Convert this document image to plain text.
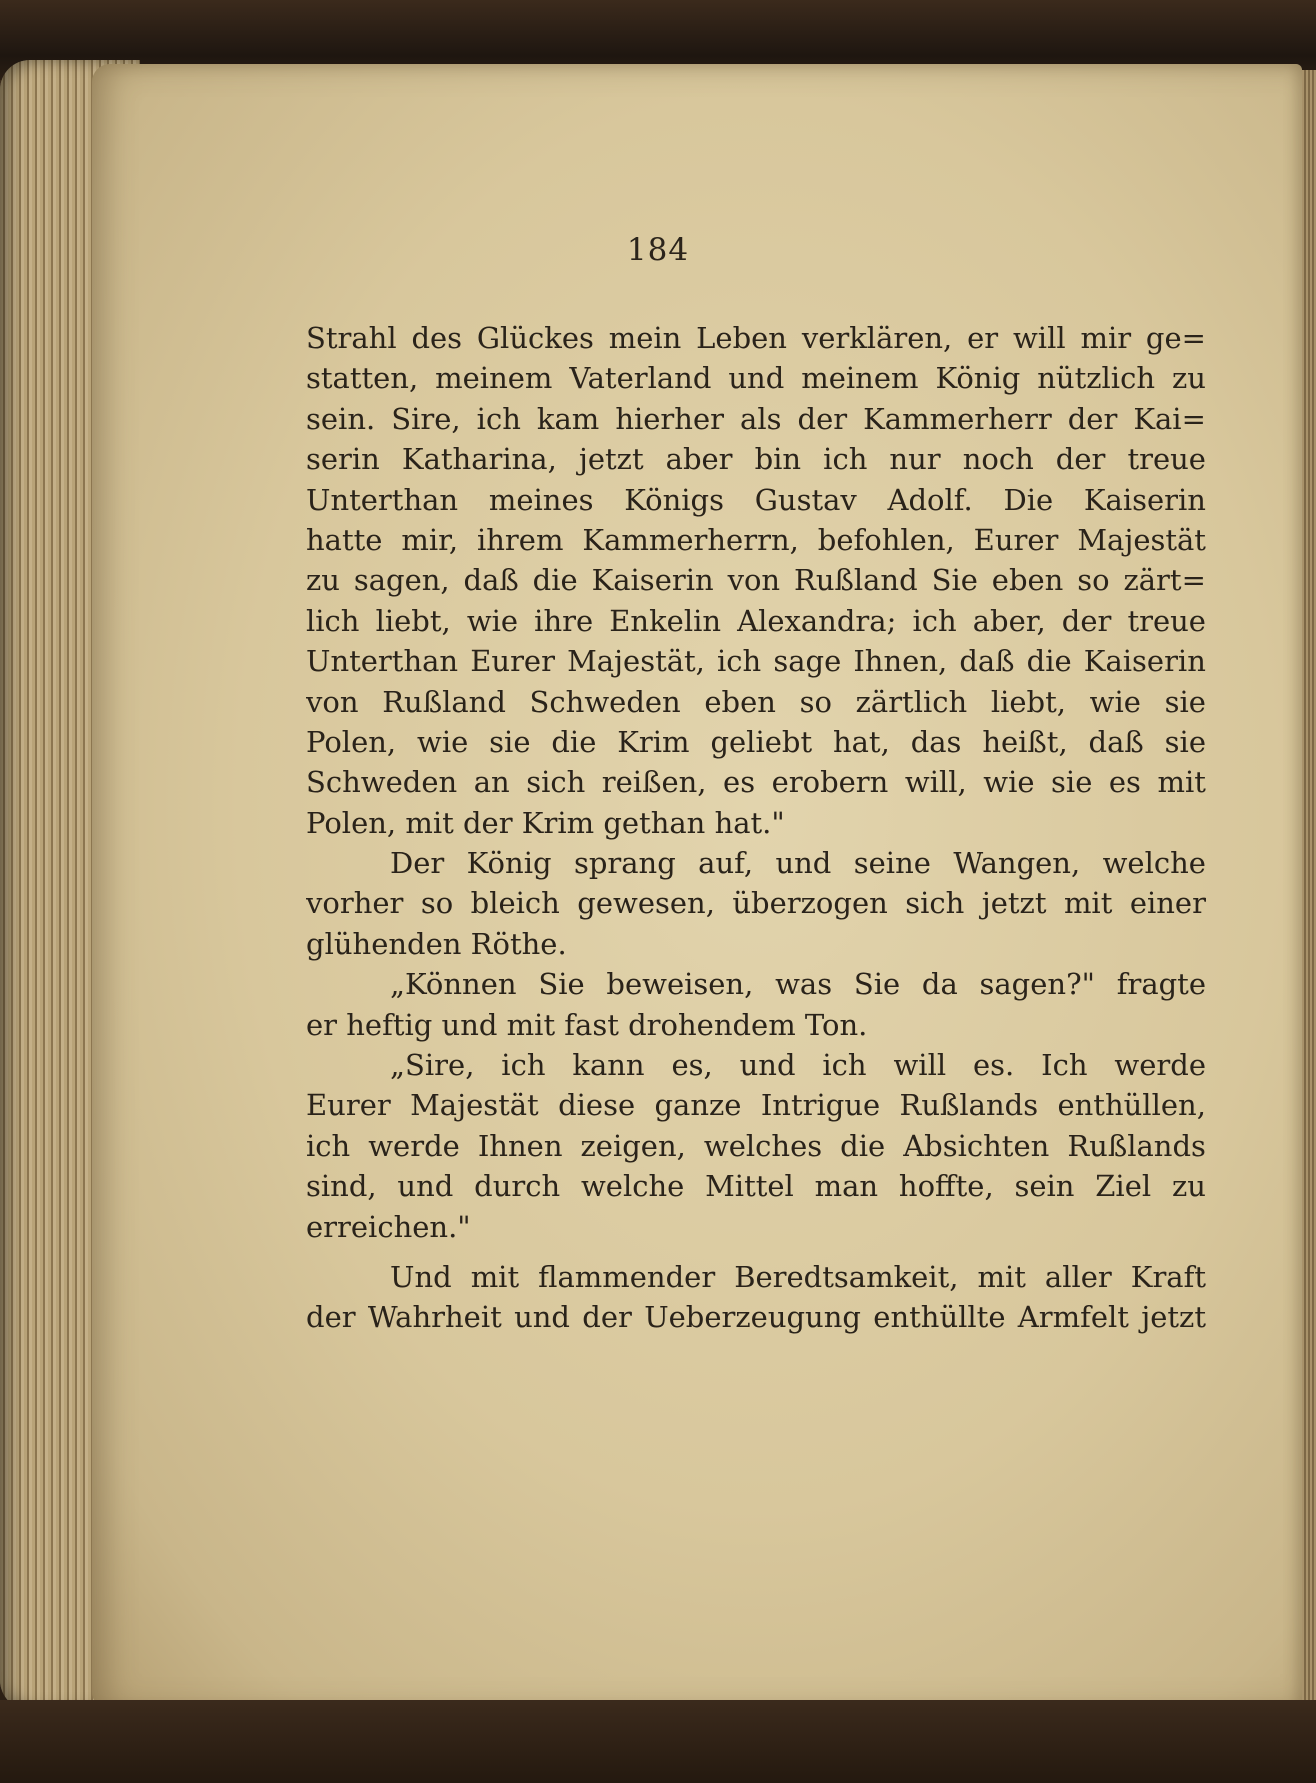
184
Strahl des Glückes mein Leben verklären, er will mir ge=
statten, meinem Vaterland und meinem König nützlich zu
sein. Sire, ich kam hierher als der Kammerherr der Kai=
serin Katharina, jetzt aber bin ich nur noch der treue
Unterthan meines Königs Gustav Adolf. Die Kaiserin
hatte mir, ihrem Kammerherrn, befohlen, Eurer Majestät
zu sagen, daß die Kaiserin von Rußland Sie eben so zärt=
lich liebt, wie ihre Enkelin Alexandra; ich aber, der treue
Unterthan Eurer Majestät, ich sage Ihnen, daß die Kaiserin
von Rußland Schweden eben so zärtlich liebt, wie sie
Polen, wie sie die Krim geliebt hat, das heißt, daß sie
Schweden an sich reißen, es erobern will, wie sie es mit
Polen, mit der Krim gethan hat."
Der König sprang auf, und seine Wangen, welche
vorher so bleich gewesen, überzogen sich jetzt mit einer
glühenden Röthe.
„Können Sie beweisen, was Sie da sagen?" fragte
er heftig und mit fast drohendem Ton.
„Sire, ich kann es, und ich will es. Ich werde
Eurer Majestät diese ganze Intrigue Rußlands enthüllen,
ich werde Ihnen zeigen, welches die Absichten Rußlands
sind, und durch welche Mittel man hoffte, sein Ziel zu
erreichen."
Und mit flammender Beredtsamkeit, mit aller Kraft
der Wahrheit und der Ueberzeugung enthüllte Armfelt jetzt
